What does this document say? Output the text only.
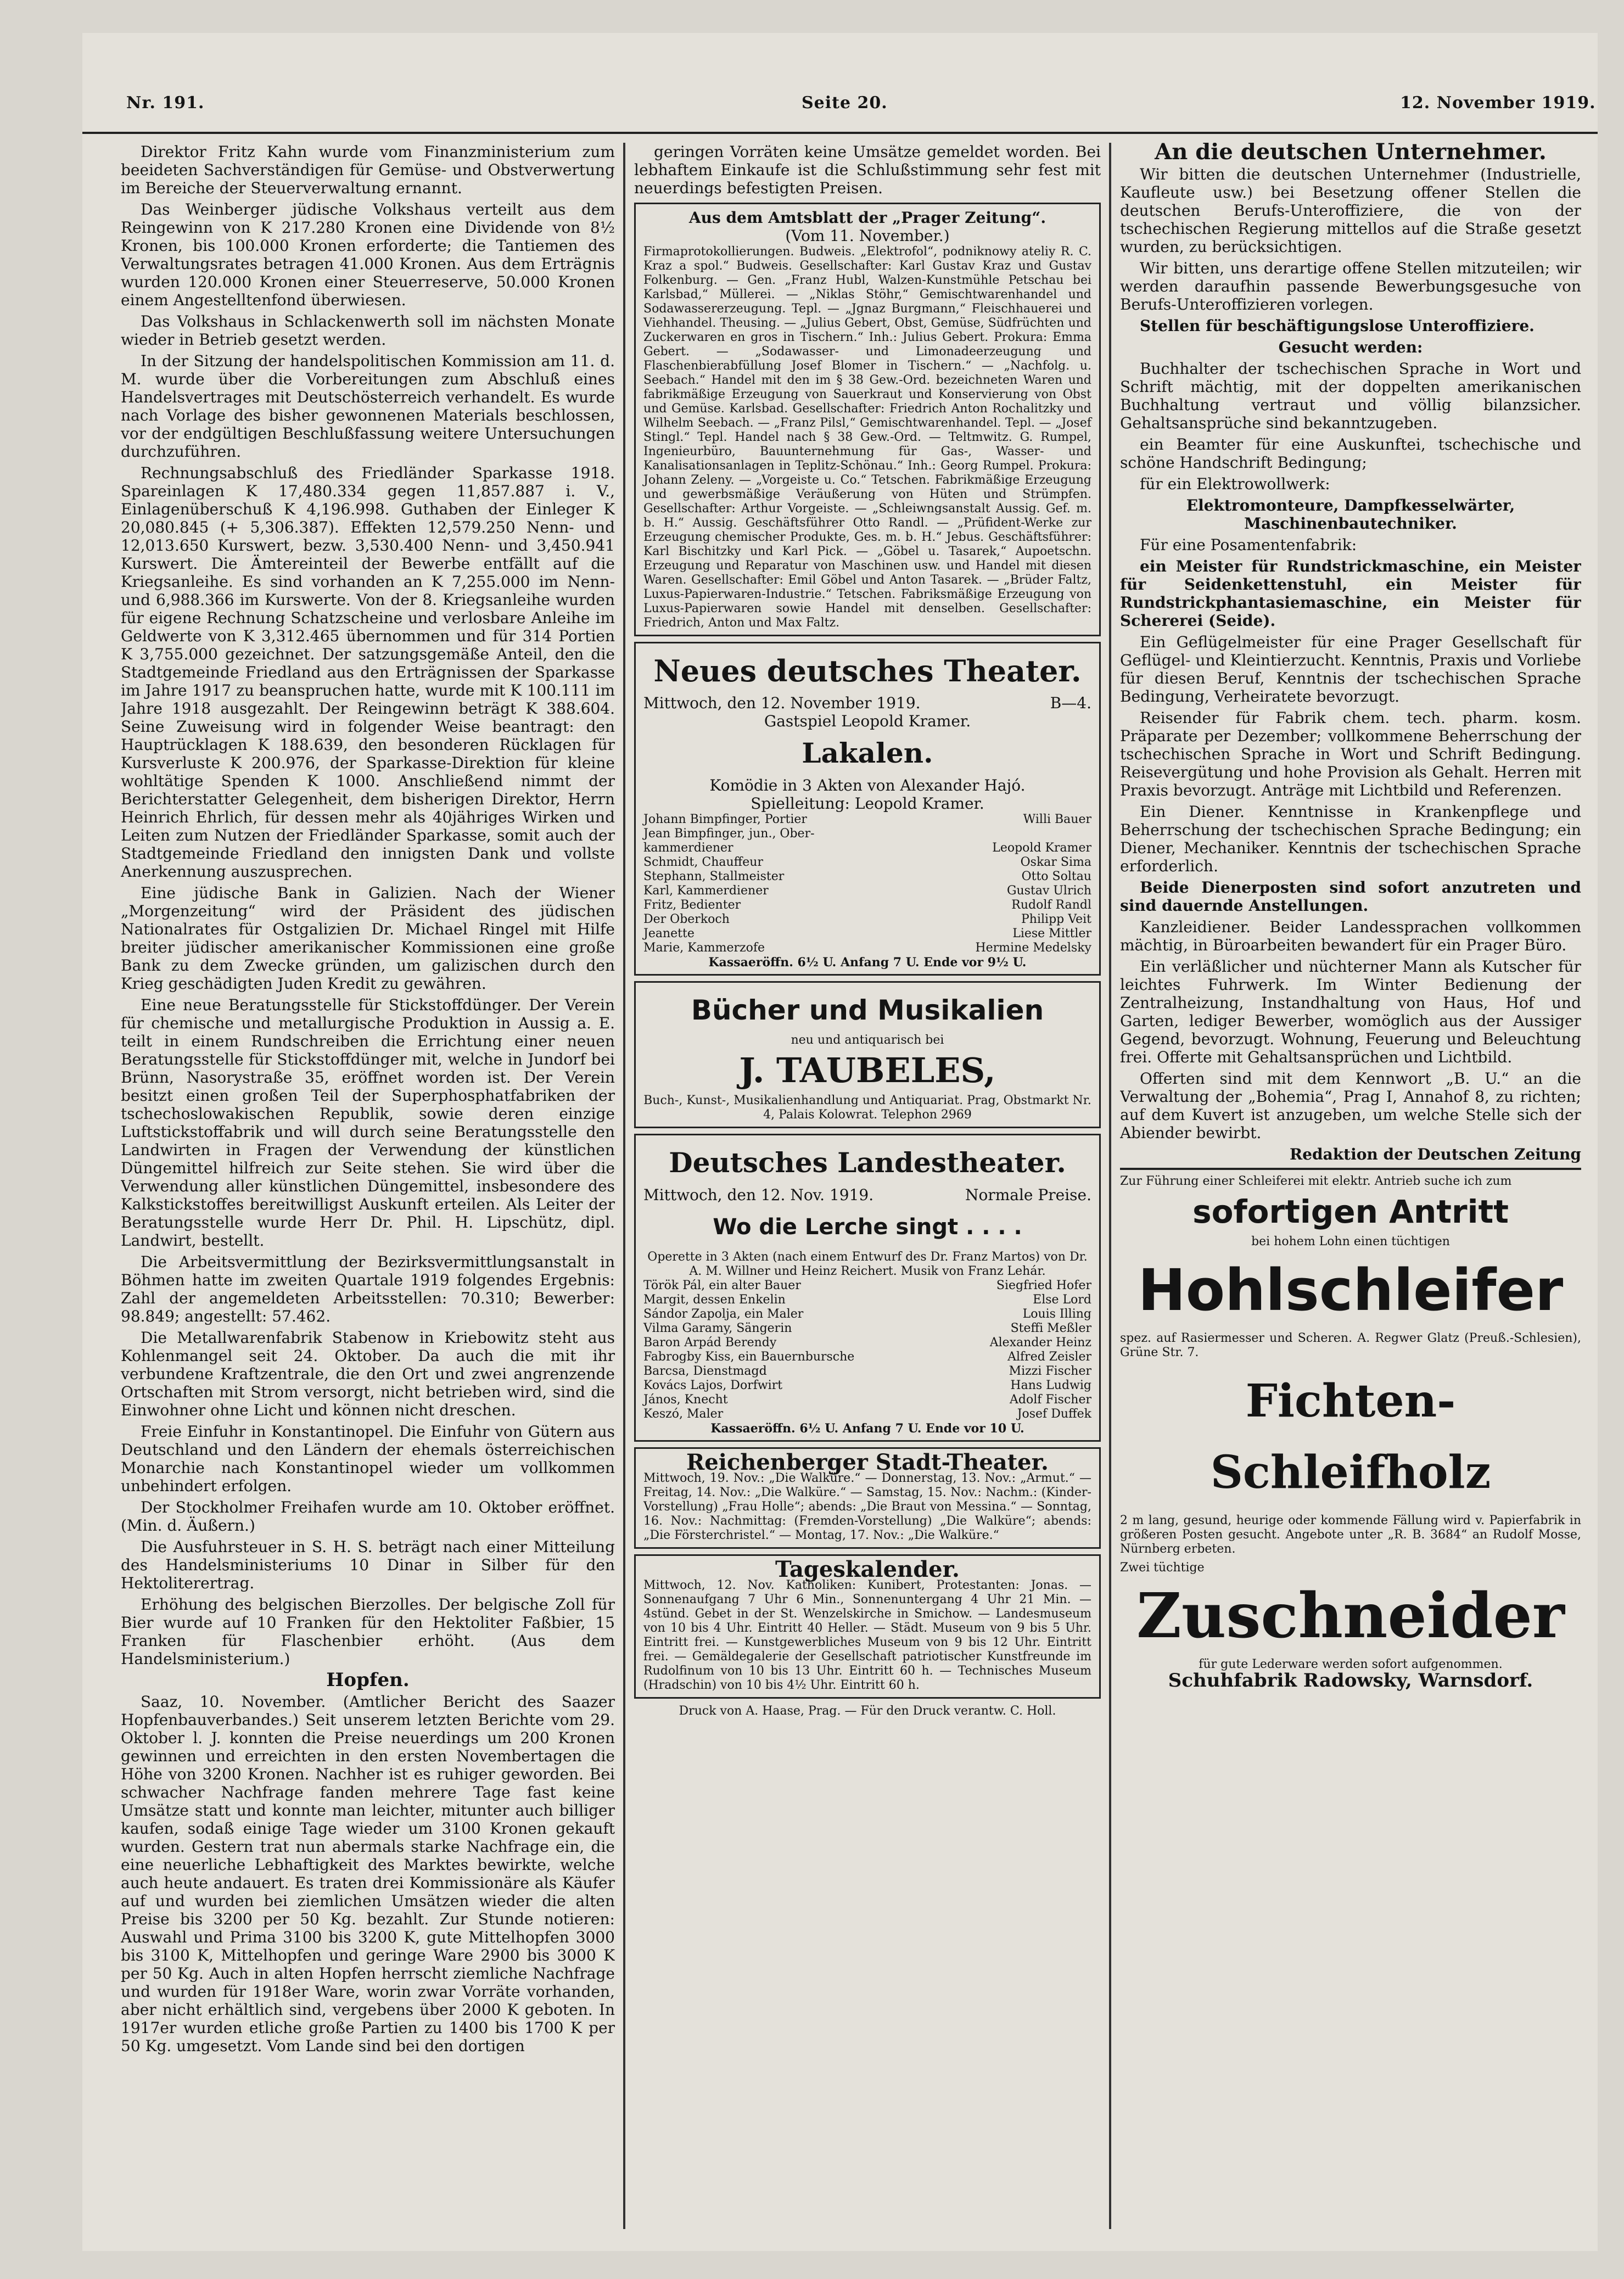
Nr. 191.	Seite 20.	12. November 1919.

Direktor Fritz Kahn wurde vom Finanzministerium zum beeideten Sachverständigen für Gemüse- und Obstverwertung im Bereiche der Steuerverwaltung ernannt.

Das Weinberger jüdische Volkshaus verteilt aus dem Reingewinn von K 217.280 Kronen eine Dividende von 8½ Kronen, bis 100.000 Kronen erforderte; die Tantiemen des Verwaltungsrates betragen 41.000 Kronen. Aus dem Erträgnis wurden 120.000 Kronen einer Steuerreserve, 50.000 Kronen einem Angestelltenfond überwiesen.

Das Volkshaus in Schlackenwerth soll im nächsten Monate wieder in Betrieb gesetzt werden.

In der Sitzung der handelspolitischen Kommission am 11. d. M. wurde über die Vorbereitungen zum Abschluß eines Handelsvertrages mit Deutschösterreich verhandelt. Es wurde nach Vorlage des bisher gewonnenen Materials beschlossen, vor der endgültigen Beschlußfassung weitere Untersuchungen durchzuführen.

Rechnungsabschluß des Friedländer Sparkasse 1918. Spareinlagen K 17,480.334 gegen 11,857.887 i. V., Einlagenüberschuß K 4,196.998. Guthaben der Einleger K 20,080.845 (+ 5,306.387). Effekten 12,579.250 Nenn- und 12,013.650 Kurswert, bezw. 3,530.400 Nenn- und 3,450.941 Kurswert. Die Ämtereinteil der Bewerbe entfällt auf die Kriegsanleihe. Es sind vorhanden an K 7,255.000 im Nenn- und 6,988.366 im Kurswerte. Von der 8. Kriegsanleihe wurden für eigene Rechnung Schatzscheine und verlosbare Anleihe im Geldwerte von K 3,312.465 übernommen und für 314 Portien K 3,755.000 gezeichnet. Der satzungsgemäße Anteil, den die Stadtgemeinde Friedland aus den Erträgnissen der Sparkasse im Jahre 1917 zu beanspruchen hatte, wurde mit K 100.111 im Jahre 1918 ausgezahlt. Der Reingewinn beträgt K 388.604. Seine Zuweisung wird in folgender Weise beantragt: den Hauptrücklagen K 188.639, den besonderen Rücklagen für Kursverluste K 200.976, der Sparkasse-Direktion für kleine wohltätige Spenden K 1000. Anschließend nimmt der Berichterstatter Gelegenheit, dem bisherigen Direktor, Herrn Heinrich Ehrlich, für dessen mehr als 40jähriges Wirken und Leiten zum Nutzen der Friedländer Sparkasse, somit auch der Stadtgemeinde Friedland den innigsten Dank und vollste Anerkennung auszusprechen.

Eine jüdische Bank in Galizien. Nach der Wiener „Morgenzeitung“ wird der Präsident des jüdischen Nationalrates für Ostgalizien Dr. Michael Ringel mit Hilfe breiter jüdischer amerikanischer Kommissionen eine große Bank zu dem Zwecke gründen, um galizischen durch den Krieg geschädigten Juden Kredit zu gewähren.

Eine neue Beratungsstelle für Stickstoffdünger. Der Verein für chemische und metallurgische Produktion in Aussig a. E. teilt in einem Rundschreiben die Errichtung einer neuen Beratungsstelle für Stickstoffdünger mit, welche in Jundorf bei Brünn, Nasorystraße 35, eröffnet worden ist. Der Verein besitzt einen großen Teil der Superphosphatfabriken der tschechoslowakischen Republik, sowie deren einzige Luftstickstoffabrik und will durch seine Beratungsstelle den Landwirten in Fragen der Verwendung der künstlichen Düngemittel hilfreich zur Seite stehen. Sie wird über die Verwendung aller künstlichen Düngemittel, insbesondere des Kalkstickstoffes bereitwilligst Auskunft erteilen. Als Leiter der Beratungsstelle wurde Herr Dr. Phil. H. Lipschütz, dipl. Landwirt, bestellt.

Die Arbeitsvermittlung der Bezirksvermittlungsanstalt in Böhmen hatte im zweiten Quartale 1919 folgendes Ergebnis: Zahl der angemeldeten Arbeitsstellen: 70.310; Bewerber: 98.849; angestellt: 57.462.

Die Metallwarenfabrik Stabenow in Kriebowitz steht aus Kohlenmangel seit 24. Oktober. Da auch die mit ihr verbundene Kraftzentrale, die den Ort und zwei angrenzende Ortschaften mit Strom versorgt, nicht betrieben wird, sind die Einwohner ohne Licht und können nicht dreschen.

Freie Einfuhr in Konstantinopel. Die Einfuhr von Gütern aus Deutschland und den Ländern der ehemals österreichischen Monarchie nach Konstantinopel wieder um vollkommen unbehindert erfolgen.

Der Stockholmer Freihafen wurde am 10. Oktober eröffnet. (Min. d. Äußern.)

Die Ausfuhrsteuer in S. H. S. beträgt nach einer Mitteilung des Handelsministeriums 10 Dinar in Silber für den Hektoliterertrag.

Erhöhung des belgischen Bierzolles. Der belgische Zoll für Bier wurde auf 10 Franken für den Hektoliter Faßbier, 15 Franken für Flaschenbier erhöht. (Aus dem Handelsministerium.)

Hopfen.

Saaz, 10. November. (Amtlicher Bericht des Saazer Hopfenbauverbandes.) Seit unserem letzten Berichte vom 29. Oktober l. J. konnten die Preise neuerdings um 200 Kronen gewinnen und erreichten in den ersten Novembertagen die Höhe von 3200 Kronen. Nachher ist es ruhiger geworden. Bei schwacher Nachfrage fanden mehrere Tage fast keine Umsätze statt und konnte man leichter, mitunter auch billiger kaufen, sodaß einige Tage wieder um 3100 Kronen gekauft wurden. Gestern trat nun abermals starke Nachfrage ein, die eine neuerliche Lebhaftigkeit des Marktes bewirkte, welche auch heute andauert. Es traten drei Kommissionäre als Käufer auf und wurden bei ziemlichen Umsätzen wieder die alten Preise bis 3200 per 50 Kg. bezahlt. Zur Stunde notieren: Auswahl und Prima 3100 bis 3200 K, gute Mittelhopfen 3000 bis 3100 K, Mittelhopfen und geringe Ware 2900 bis 3000 K per 50 Kg. Auch in alten Hopfen herrscht ziemliche Nachfrage und wurden für 1918er Ware, worin zwar Vorräte vorhanden, aber nicht erhältlich sind, vergebens über 2000 K geboten. In 1917er wurden etliche große Partien zu 1400 bis 1700 K per 50 Kg. umgesetzt. Vom Lande sind bei den dortigen

geringen Vorräten keine Umsätze gemeldet worden. Bei lebhaftem Einkaufe ist die Schlußstimmung sehr fest mit neuerdings befestigten Preisen.

Aus dem Amtsblatt der „Prager Zeitung“.
(Vom 11. November.)
Firmaprotokollierungen. Budweis. „Elektrofol“, podniknowy ateliy R. C. Kraz a spol.“ Budweis. Gesellschafter: Karl Gustav Kraz und Gustav Folkenburg. — Gen. „Franz Hubl, Walzen-Kunstmühle Petschau bei Karlsbad,“ Müllerei. — „Niklas Stöhr,“ Gemischtwarenhandel und Sodawassererzeugung. Tepl. — „Jgnaz Burgmann,“ Fleischhauerei und Viehhandel. Theusing. — „Julius Gebert, Obst, Gemüse, Südfrüchten und Zuckerwaren en gros in Tischern.“ Inh.: Julius Gebert. Prokura: Emma Gebert. — „Sodawasser- und Limonadeerzeugung und Flaschenbierabfüllung Josef Blomer in Tischern.“ — „Nachfolg. u. Seebach.“ Handel mit den im § 38 Gew.-Ord. bezeichneten Waren und fabrikmäßige Erzeugung von Sauerkraut und Konservierung von Obst und Gemüse. Karlsbad. Gesellschafter: Friedrich Anton Rochalitzky und Wilhelm Seebach. — „Franz Pilsl,“ Gemischtwarenhandel. Tepl. — „Josef Stingl.“ Tepl. Handel nach § 38 Gew.-Ord. — Teltmwitz. G. Rumpel, Ingenieurbüro, Bauunternehmung für Gas-, Wasser- und Kanalisationsanlagen in Teplitz-Schönau.“ Inh.: Georg Rumpel. Prokura: Johann Zeleny. — „Vorgeiste u. Co.“ Tetschen. Fabrikmäßige Erzeugung und gewerbsmäßige Veräußerung von Hüten und Strümpfen. Gesellschafter: Arthur Vorgeiste. — „Schleiwngsanstalt Aussig. Gef. m. b. H.“ Aussig. Geschäftsführer Otto Randl. — „Prüfident-Werke zur Erzeugung chemischer Produkte, Ges. m. b. H.“ Jebus. Geschäftsführer: Karl Bischitzky und Karl Pick. — „Göbel u. Tasarek,“ Aupoetschn. Erzeugung und Reparatur von Maschinen usw. und Handel mit diesen Waren. Gesellschafter: Emil Göbel und Anton Tasarek. — „Brüder Faltz, Luxus-Papierwaren-Industrie.“ Tetschen. Fabriksmäßige Erzeugung von Luxus-Papierwaren sowie Handel mit denselben. Gesellschafter: Friedrich, Anton und Max Faltz.
Neues deutsches Theater.
Mittwoch, den 12. November 1919.	B—4.
Gastspiel Leopold Kramer.
Lakalen.
Komödie in 3 Akten von Alexander Hajó.
Spielleitung: Leopold Kramer.
Johann Bimpfinger, Portier	Willi Bauer
Jean Bimpfinger, jun., Ober-
kammerdiener	Leopold Kramer
Schmidt, Chauffeur	Oskar Sima
Stephann, Stallmeister	Otto Soltau
Karl, Kammerdiener	Gustav Ulrich
Fritz, Bedienter	Rudolf Randl
Der Oberkoch	Philipp Veit
Jeanette	Liese Mittler
Marie, Kammerzofe	Hermine Medelsky
Kassaeröffn. 6½ U. Anfang 7 U. Ende vor 9½ U.
Bücher und Musikalien
neu und antiquarisch bei
J. TAUBELES,
Buch-, Kunst-, Musikalienhandlung und Antiquariat. Prag, Obstmarkt Nr. 4, Palais Kolowrat. Telephon 2969
Deutsches Landestheater.
Mittwoch, den 12. Nov. 1919.	Normale Preise.
Wo die Lerche singt . . . .
Operette in 3 Akten (nach einem Entwurf des Dr. Franz Martos) von Dr. A. M. Willner und Heinz Reichert. Musik von Franz Lehár.
Török Pál, ein alter Bauer	Siegfried Hofer
Margit, dessen Enkelin	Else Lord
Sándor Zapolja, ein Maler	Louis Illing
Vilma Garamy, Sängerin	Steffi Meßler
Baron Arpád Berendy	Alexander Heinz
Fabrogby Kiss, ein Bauernbursche	Alfred Zeisler
Barcsa, Dienstmagd	Mizzi Fischer
Kovács Lajos, Dorfwirt	Hans Ludwig
János, Knecht	Adolf Fischer
Keszó, Maler	Josef Duffek
Kassaeröffn. 6½ U. Anfang 7 U. Ende vor 10 U.
Reichenberger Stadt-Theater.
Mittwoch, 19. Nov.: „Die Walküre.“ — Donnerstag, 13. Nov.: „Armut.“ — Freitag, 14. Nov.: „Die Walküre.“ — Samstag, 15. Nov.: Nachm.: (Kinder-Vorstellung) „Frau Holle“; abends: „Die Braut von Messina.“ — Sonntag, 16. Nov.: Nachmittag: (Fremden-Vorstellung) „Die Walküre“; abends: „Die Försterchristel.“ — Montag, 17. Nov.: „Die Walküre.“
Tageskalender.
Mittwoch, 12. Nov. Katholiken: Kunibert, Protestanten: Jonas. — Sonnenaufgang 7 Uhr 6 Min., Sonnenuntergang 4 Uhr 21 Min. — 4stünd. Gebet in der St. Wenzelskirche in Smichow. — Landesmuseum von 10 bis 4 Uhr. Eintritt 40 Heller. — Städt. Museum von 9 bis 5 Uhr. Eintritt frei. — Kunstgewerbliches Museum von 9 bis 12 Uhr. Eintritt frei. — Gemäldegalerie der Gesellschaft patriotischer Kunstfreunde im Rudolfinum von 10 bis 13 Uhr. Eintritt 60 h. — Technisches Museum (Hradschin) von 10 bis 4½ Uhr. Eintritt 60 h.
Druck von A. Haase, Prag. — Für den Druck verantw. C. Holl.
An die deutschen Unternehmer.

Wir bitten die deutschen Unternehmer (Industrielle, Kaufleute usw.) bei Besetzung offener Stellen die deutschen Berufs-Unteroffiziere, die von der tschechischen Regierung mittellos auf die Straße gesetzt wurden, zu berücksichtigen.

Wir bitten, uns derartige offene Stellen mitzuteilen; wir werden daraufhin passende Bewerbungsgesuche von Berufs-Unteroffizieren vorlegen.

Stellen für beschäftigungslose Unteroffiziere.

Gesucht werden:

Buchhalter der tschechischen Sprache in Wort und Schrift mächtig, mit der doppelten amerikanischen Buchhaltung vertraut und völlig bilanzsicher. Gehaltsansprüche sind bekanntzugeben.

ein Beamter für eine Auskunftei, tschechische und schöne Handschrift Bedingung;

für ein Elektrowollwerk:

Elektromonteure, Dampfkesselwärter, Maschinenbautechniker.

Für eine Posamentenfabrik:

ein Meister für Rundstrickmaschine, ein Meister für Seidenkettenstuhl, ein Meister für Rundstrickphantasiemaschine, ein Meister für Schererei (Seide).

Ein Geflügelmeister für eine Prager Gesellschaft für Geflügel- und Kleintierzucht. Kenntnis, Praxis und Vorliebe für diesen Beruf, Kenntnis der tschechischen Sprache Bedingung, Verheiratete bevorzugt.

Reisender für Fabrik chem. tech. pharm. kosm. Präparate per Dezember; vollkommene Beherrschung der tschechischen Sprache in Wort und Schrift Bedingung. Reisevergütung und hohe Provision als Gehalt. Herren mit Praxis bevorzugt. Anträge mit Lichtbild und Referenzen.

Ein Diener. Kenntnisse in Krankenpflege und Beherrschung der tschechischen Sprache Bedingung; ein Diener, Mechaniker. Kenntnis der tschechischen Sprache erforderlich.

Beide Dienerposten sind sofort anzutreten und sind dauernde Anstellungen.

Kanzleidiener. Beider Landessprachen vollkommen mächtig, in Büroarbeiten bewandert für ein Prager Büro.

Ein verläßlicher und nüchterner Mann als Kutscher für leichtes Fuhrwerk. Im Winter Bedienung der Zentralheizung, Instandhaltung von Haus, Hof und Garten, lediger Bewerber, womöglich aus der Aussiger Gegend, bevorzugt. Wohnung, Feuerung und Beleuchtung frei. Offerte mit Gehaltsansprüchen und Lichtbild.

Offerten sind mit dem Kennwort „B. U.“ an die Verwaltung der „Bohemia“, Prag I, Annahof 8, zu richten; auf dem Kuvert ist anzugeben, um welche Stelle sich der Abiender bewirbt.

Redaktion der Deutschen Zeitung

Zur Führung einer Schleiferei mit elektr. Antrieb suche ich zum
sofortigen Antritt
bei hohem Lohn einen tüchtigen
Hohlschleifer
spez. auf Rasiermesser und Scheren. A. Regwer Glatz (Preuß.-Schlesien), Grüne Str. 7.
Fichten-Schleifholz
2 m lang, gesund, heurige oder kommende Fällung wird v. Papierfabrik in größeren Posten gesucht. Angebote unter „R. B. 3684“ an Rudolf Mosse, Nürnberg erbeten.
Zwei tüchtige
Zuschneider
für gute Lederware werden sofort aufgenommen.
Schuhfabrik Radowsky, Warnsdorf.
